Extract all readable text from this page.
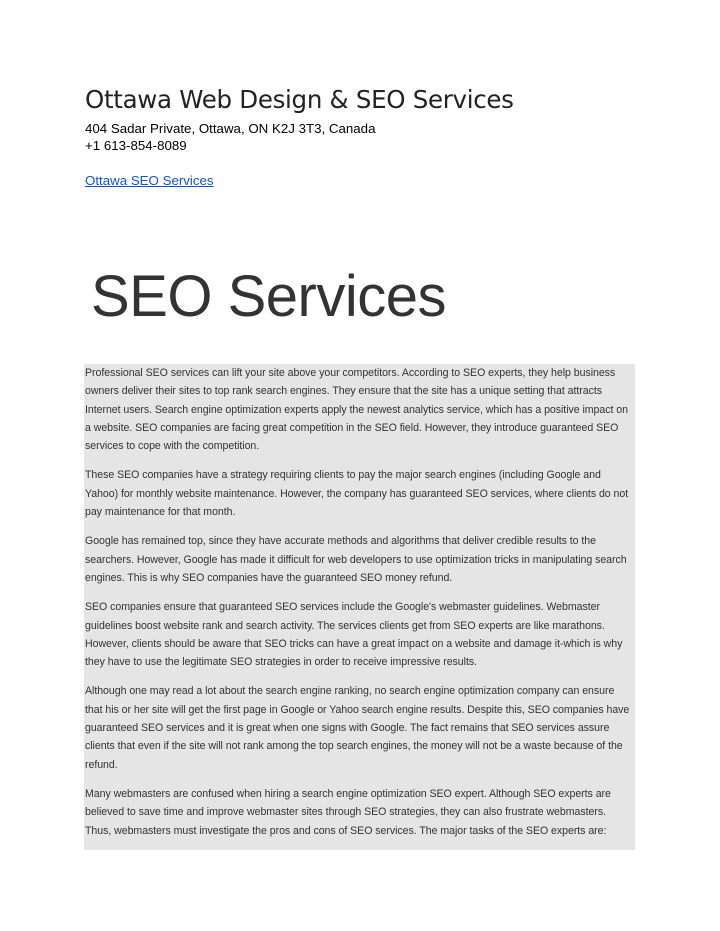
Ottawa Web Design & SEO Services

404 Sadar Private, Ottawa, ON K2J 3T3, Canada

+1 613-854-8089

Ottawa SEO Services
SEO Services

Professional SEO services can lift your site above your competitors. According to SEO experts, they help business owners deliver their sites to top rank search engines. They ensure that the site has a unique setting that attracts Internet users. Search engine optimization experts apply the newest analytics service, which has a positive impact on a website. SEO companies are facing great competition in the SEO field. However, they introduce guaranteed SEO services to cope with the competition.

These SEO companies have a strategy requiring clients to pay the major search engines (including Google and Yahoo) for monthly website maintenance. However, the company has guaranteed SEO services, where clients do not pay maintenance for that month.

Google has remained top, since they have accurate methods and algorithms that deliver credible results to the searchers. However, Google has made it difficult for web developers to use optimization tricks in manipulating search engines. This is why SEO companies have the guaranteed SEO money refund.

SEO companies ensure that guaranteed SEO services include the Google's webmaster guidelines. Webmaster guidelines boost website rank and search activity. The services clients get from SEO experts are like marathons. However, clients should be aware that SEO tricks can have a great impact on a website and damage it-which is why they have to use the legitimate SEO strategies in order to receive impressive results.

Although one may read a lot about the search engine ranking, no search engine optimization company can ensure that his or her site will get the first page in Google or Yahoo search engine results. Despite this, SEO companies have guaranteed SEO services and it is great when one signs with Google. The fact remains that SEO services assure clients that even if the site will not rank among the top search engines, the money will not be a waste because of the refund.

Many webmasters are confused when hiring a search engine optimization SEO expert. Although SEO experts are believed to save time and improve webmaster sites through SEO strategies, they can also frustrate webmasters. Thus, webmasters must investigate the pros and cons of SEO services. The major tasks of the SEO experts are:
